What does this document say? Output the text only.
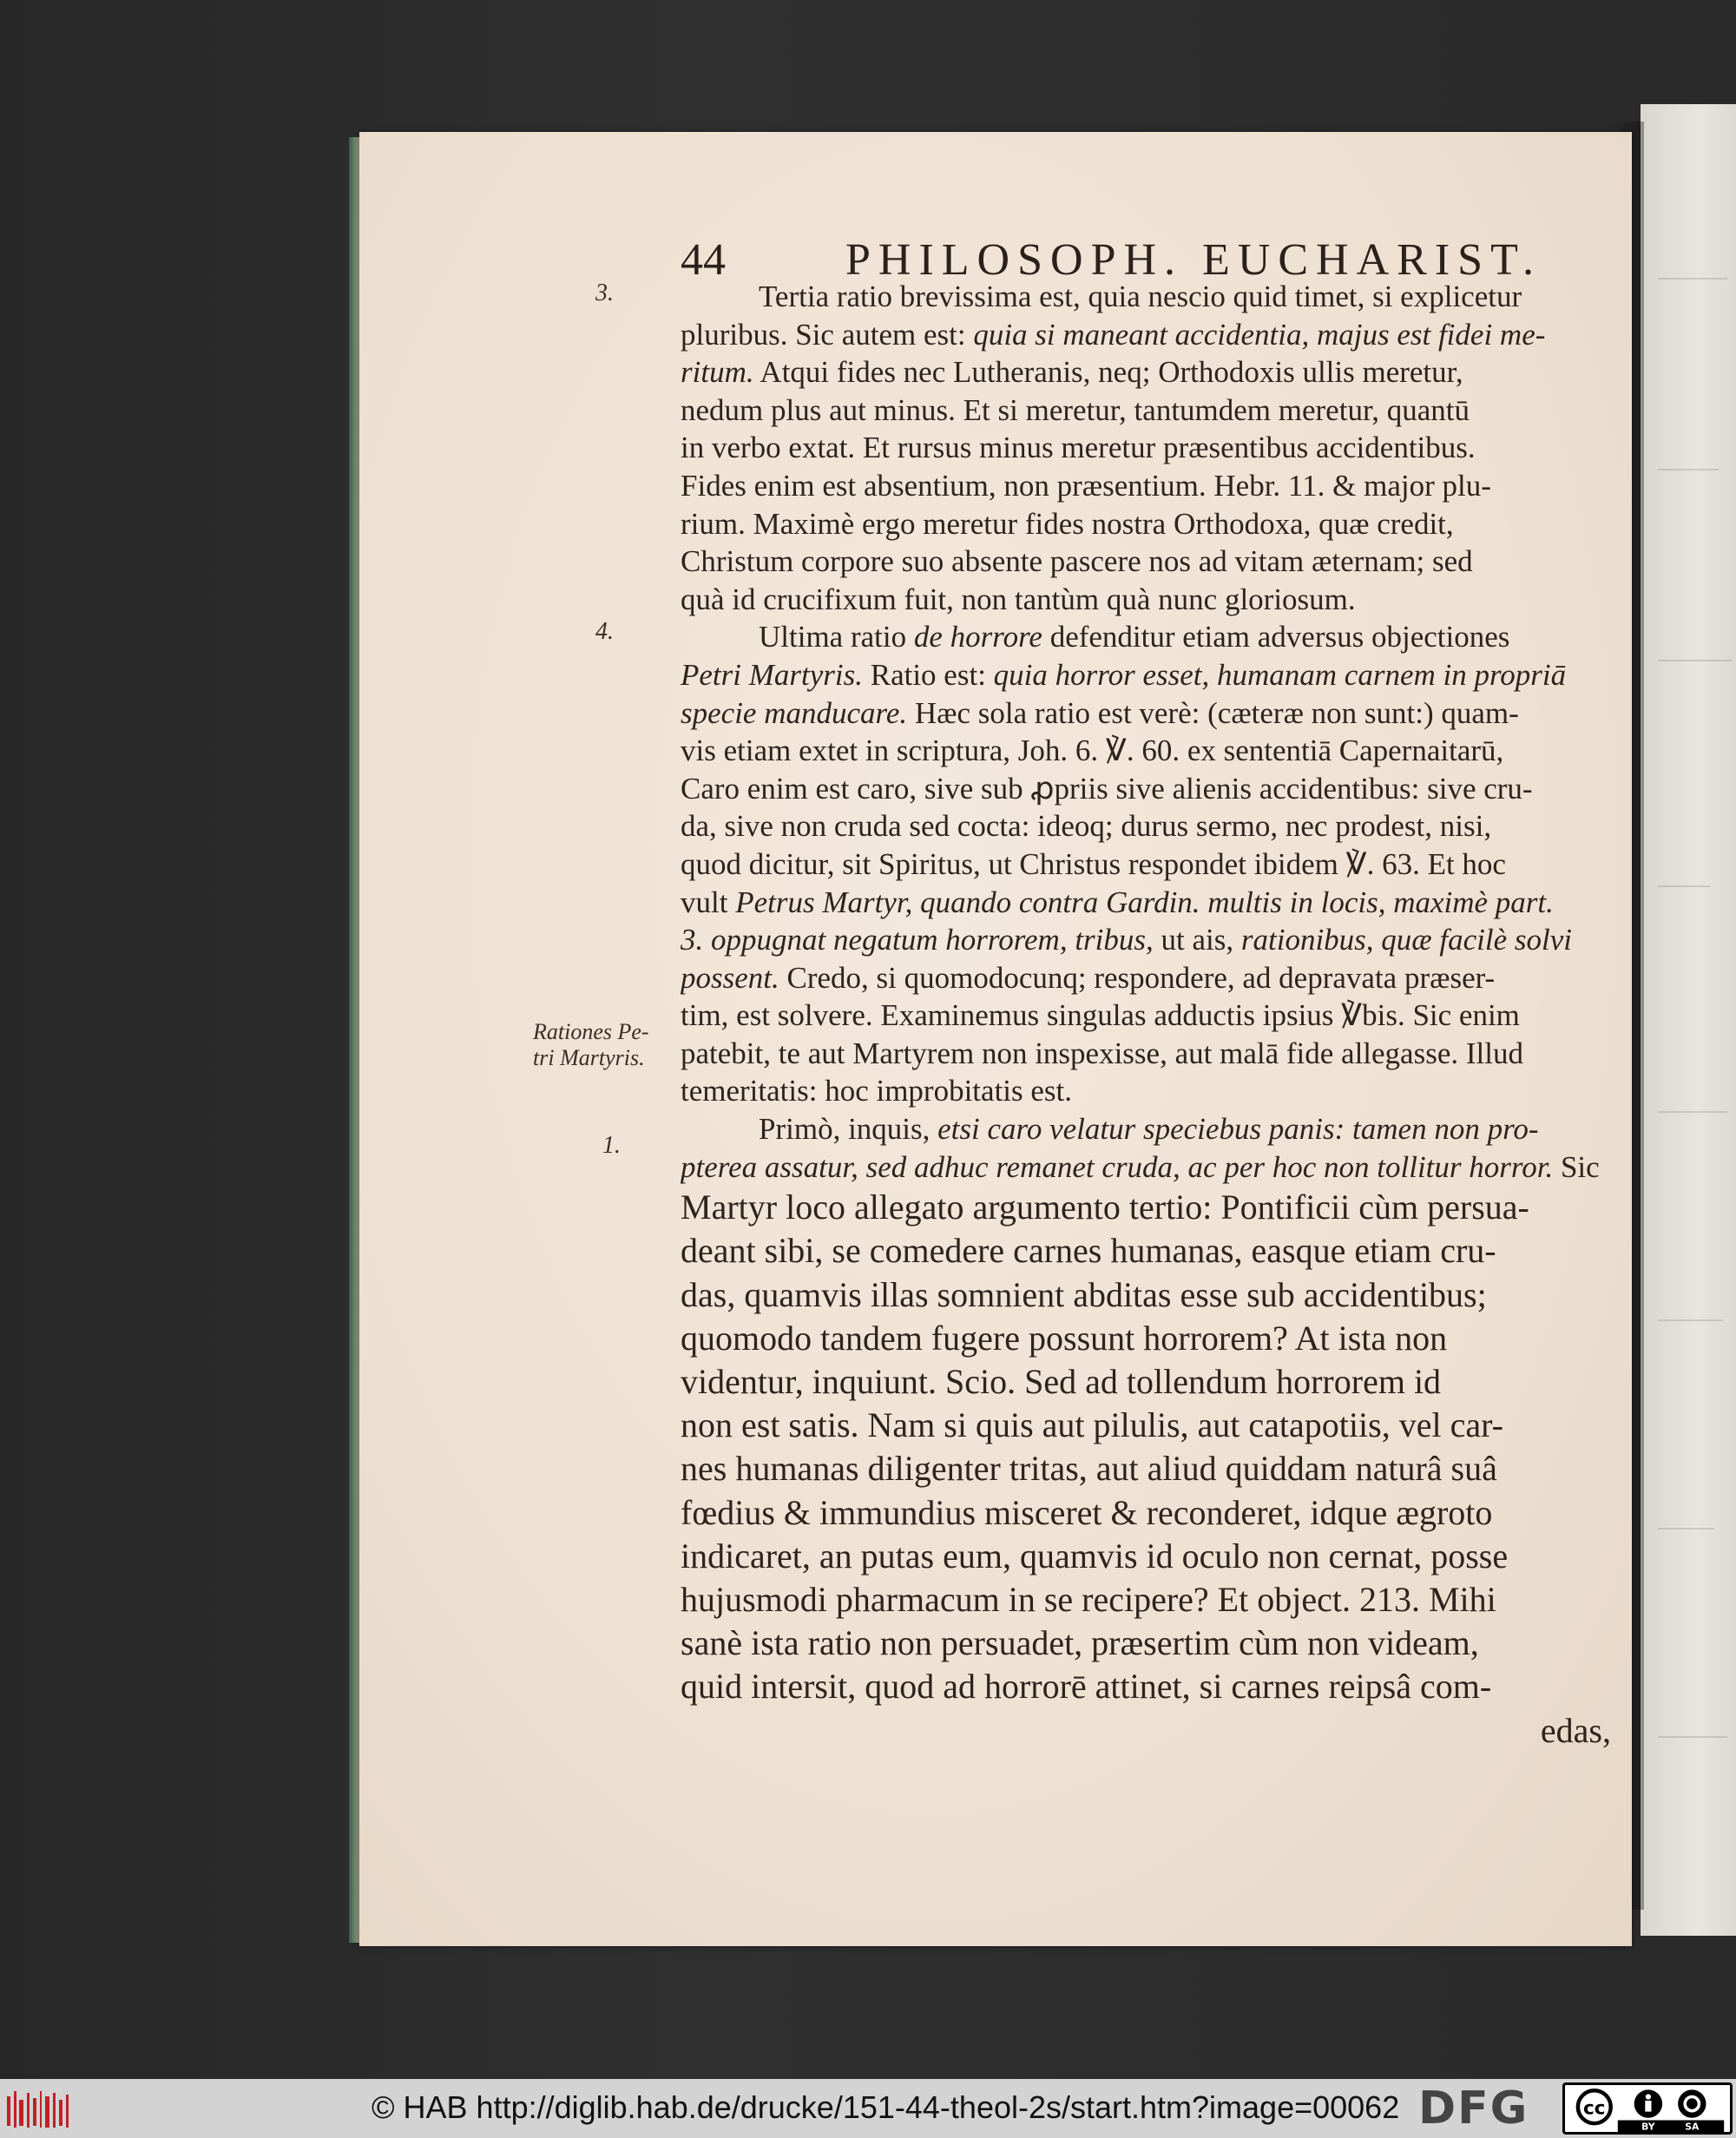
44	PHILOSOPH. EUCHARIST.
3.
4.
1.
Rationes Pe-
tri Martyris.
Tertia ratio brevissima est, quia nescio quid timet, si explicetur
pluribus. Sic autem est: quia si maneant accidentia, majus est fidei me-
ritum. Atqui fides nec Lutheranis, neq; Orthodoxis ullis meretur,
nedum plus aut minus. Et si meretur, tantumdem meretur, quantū
in verbo extat. Et rursus minus meretur præsentibus accidentibus.
Fides enim est absentium, non præsentium. Hebr. 11. & major plu-
rium. Maximè ergo meretur fides nostra Orthodoxa, quæ credit,
Christum corpore suo absente pascere nos ad vitam æternam; sed
quà id crucifixum fuit, non tantùm quà nunc gloriosum.
Ultima ratio de horrore defenditur etiam adversus objectiones
Petri Martyris. Ratio est: quia horror esset, humanam carnem in propriā
specie manducare. Hæc sola ratio est verè: (cæteræ non sunt:) quam-
vis etiam extet in scriptura, Joh. 6. ℣. 60. ex sententiā Capernaitarū,
Caro enim est caro, sive sub ꝓpriis sive alienis accidentibus: sive cru-
da, sive non cruda sed cocta: ideoq; durus sermo, nec prodest, nisi,
quod dicitur, sit Spiritus, ut Christus respondet ibidem ℣. 63. Et hoc
vult Petrus Martyr, quando contra Gardin. multis in locis, maximè part.
3. oppugnat negatum horrorem, tribus, ut ais, rationibus, quæ facilè solvi
possent. Credo, si quomodocunq; respondere, ad depravata præser-
tim, est solvere. Examinemus singulas adductis ipsius ℣bis. Sic enim
patebit, te aut Martyrem non inspexisse, aut malā fide allegasse. Illud
temeritatis: hoc improbitatis est.
Primò, inquis, etsi caro velatur speciebus panis: tamen non pro-
pterea assatur, sed adhuc remanet cruda, ac per hoc non tollitur horror. Sic
Martyr loco allegato argumento tertio: Pontificii cùm persua-
deant sibi, se comedere carnes humanas, easque etiam cru-
das, quamvis illas somnient abditas esse sub accidentibus;
quomodo tandem fugere possunt horrorem? At ista non
videntur, inquiunt. Scio. Sed ad tollendum horrorem id
non est satis. Nam si quis aut pilulis, aut catapotiis, vel car-
nes humanas diligenter tritas, aut aliud quiddam naturâ suâ
fœdius & immundius misceret & reconderet, idque ægroto
indicaret, an putas eum, quamvis id oculo non cernat, posse
hujusmodi pharmacum in se recipere? Et object. 213. Mihi
sanè ista ratio non persuadet, præsertim cùm non videam,
quid intersit, quod ad horrorē attinet, si carnes reipsâ com-
edas,
© HAB http://diglib.hab.de/drucke/151-44-theol-2s/start.htm?image=00062 DFG	cc
BY	SA
